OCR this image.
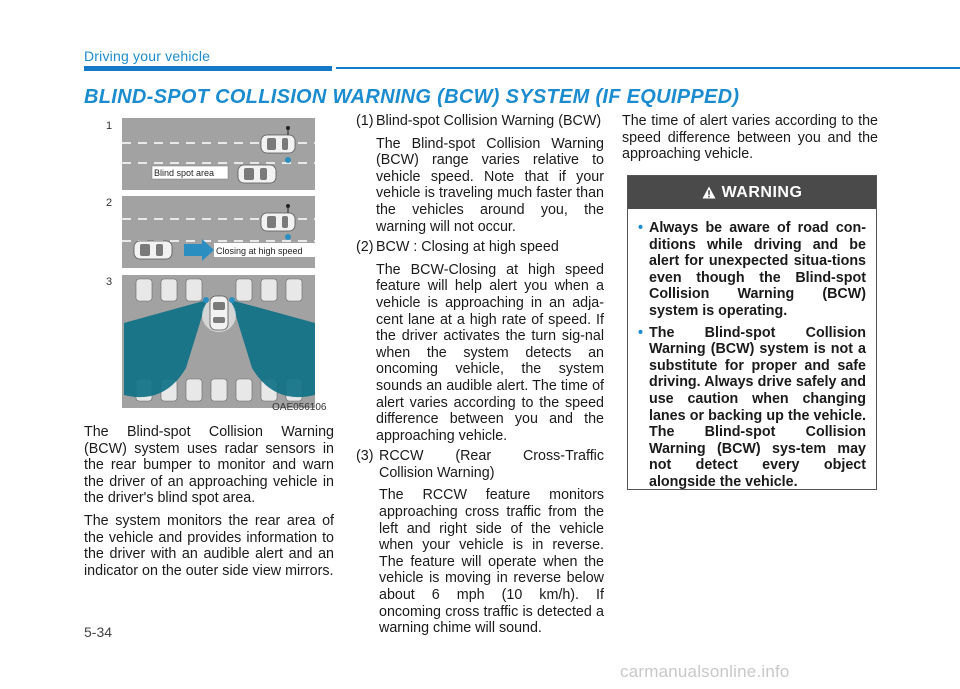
Driving your vehicle
BLIND-SPOT COLLISION WARNING (BCW) SYSTEM (IF EQUIPPED)
Blind spot area
Closing at high speed
1
2
3
OAE056106

The Blind-spot Collision Warning (BCW) system uses radar sensors in the rear bumper to monitor and warn the driver of an approaching vehicle in the driver's blind spot area.

The system monitors the rear area of the vehicle and provides information to the driver with an audible alert and an indicator on the outer side view mirrors.

(1) Blind-spot Collision Warning (BCW)
The Blind-spot Collision Warning (BCW) range varies relative to vehicle speed. Note that if your vehicle is traveling much faster than the vehicles around you, the warning will not occur.
(2) BCW : Closing at high speed
The BCW-Closing at high speed feature will help alert you when a vehicle is approaching in an adja-cent lane at a high rate of speed. If the driver activates the turn sig-nal when the system detects an oncoming vehicle, the system sounds an audible alert. The time of alert varies according to the speed difference between you and the approaching vehicle.
(3) RCCW (Rear Cross-Traffic Collision Warning)
The RCCW feature monitors approaching cross traffic from the left and right side of the vehicle when your vehicle is in reverse. The feature will operate when the vehicle is moving in reverse below about 6 mph (10 km/h). If oncoming cross traffic is detected a warning chime will sound.

The time of alert varies according to the speed difference between you and the approaching vehicle.

WARNING
• Always be aware of road con-ditions while driving and be alert for unexpected situa-tions even though the Blind-spot Collision Warning (BCW) system is operating.
• The Blind-spot Collision Warning (BCW) system is not a substitute for proper and safe driving. Always drive safely and use caution when changing lanes or backing up the vehicle. The Blind-spot Collision Warning (BCW) sys-tem may not detect every object alongside the vehicle.
5-34
carmanualsonline.info
